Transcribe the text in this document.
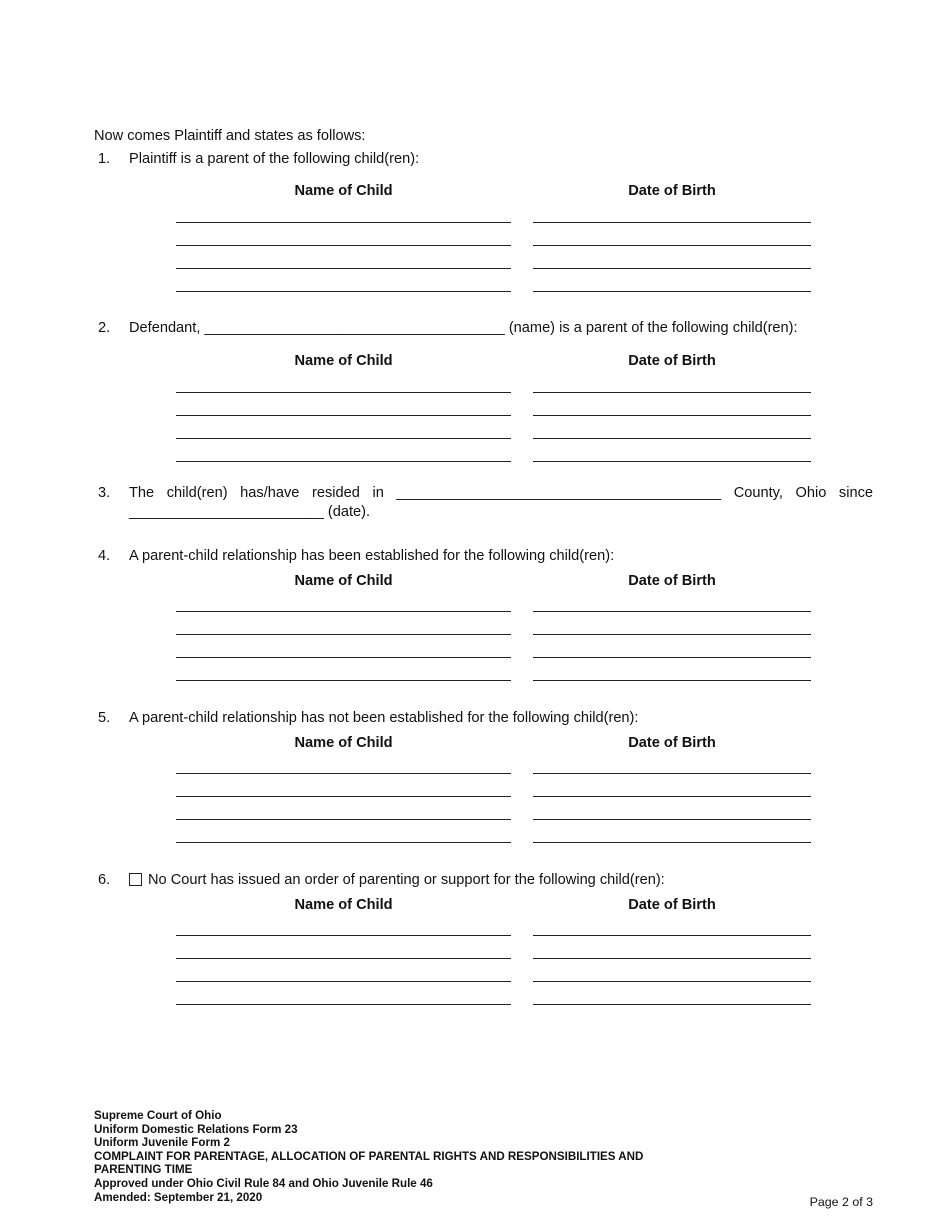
Now comes Plaintiff and states as follows:
1. Plaintiff is a parent of the following child(ren):
Name of Child	Date of Birth
2. Defendant, _____________________________________ (name) is a parent of the following child(ren):
Name of Child	Date of Birth
3. The child(ren) has/have resided in ________________________________________ County, Ohio since
________________________ (date).
4. A parent-child relationship has been established for the following child(ren):
Name of Child	Date of Birth
5. A parent-child relationship has not been established for the following child(ren):
Name of Child	Date of Birth
6.	No Court has issued an order of parenting or support for the following child(ren):
Name of Child	Date of Birth
Supreme Court of Ohio
Uniform Domestic Relations Form 23
Uniform Juvenile Form 2
COMPLAINT FOR PARENTAGE, ALLOCATION OF PARENTAL RIGHTS AND RESPONSIBILITIES AND
PARENTING TIME
Approved under Ohio Civil Rule 84 and Ohio Juvenile Rule 46
Amended: September 21, 2020	Page 2 of 3
